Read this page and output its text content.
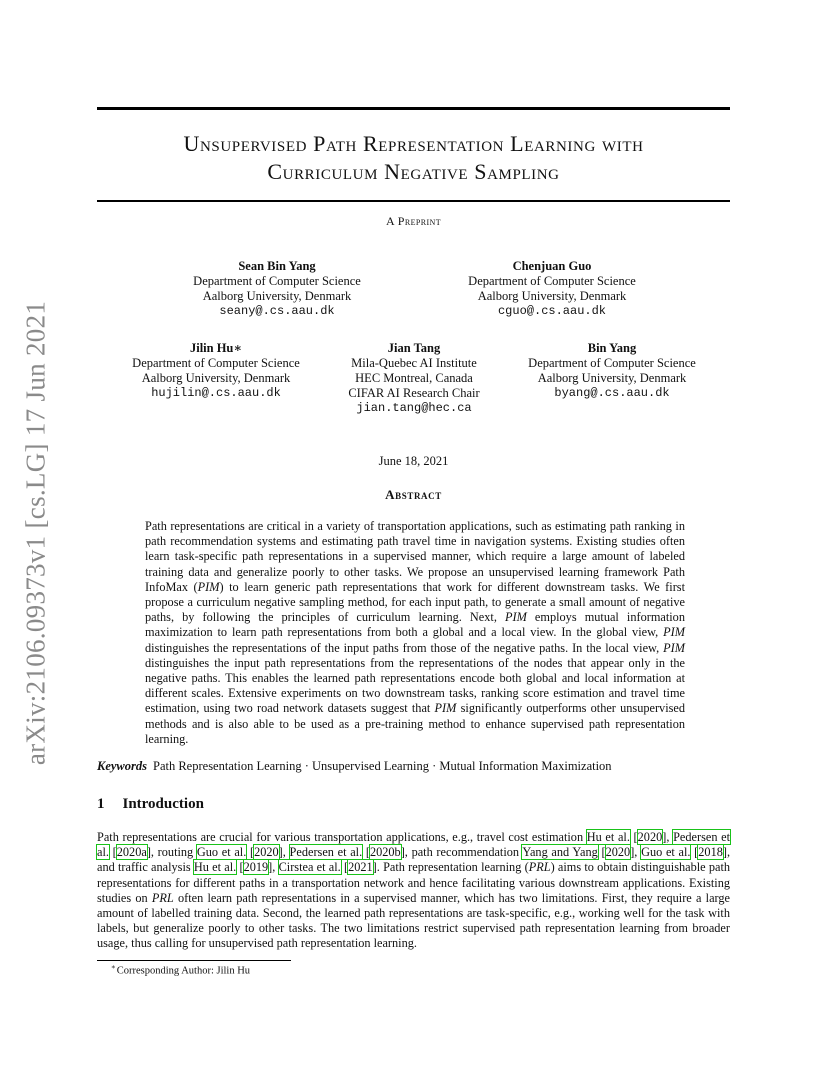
arXiv:2106.09373v1 [cs.LG] 17 Jun 2021
Unsupervised Path Representation Learning with
Curriculum Negative Sampling
A Preprint
Sean Bin Yang
Department of Computer Science
Aalborg University, Denmark
seany@.cs.aau.dk
Chenjuan Guo
Department of Computer Science
Aalborg University, Denmark
cguo@.cs.aau.dk
Jilin Hu∗
Department of Computer Science
Aalborg University, Denmark
hujilin@.cs.aau.dk
Jian Tang
Mila-Quebec AI Institute
HEC Montreal, Canada
CIFAR AI Research Chair
jian.tang@hec.ca
Bin Yang
Department of Computer Science
Aalborg University, Denmark
byang@.cs.aau.dk
June 18, 2021
Abstract
Path representations are critical in a variety of transportation applications, such as estimating path ranking in path recommendation systems and estimating path travel time in navigation systems. Existing studies often learn task-specific path representations in a supervised manner, which require a large amount of labeled training data and generalize poorly to other tasks. We propose an unsupervised learning framework Path InfoMax (PIM) to learn generic path representations that work for different downstream tasks. We first propose a curriculum negative sampling method, for each input path, to generate a small amount of negative paths, by following the principles of curriculum learning. Next, PIM employs mutual information maximization to learn path representations from both a global and a local view. In the global view, PIM distinguishes the representations of the input paths from those of the negative paths. In the local view, PIM distinguishes the input path representations from the representations of the nodes that appear only in the negative paths. This enables the learned path representations encode both global and local information at different scales. Extensive experiments on two downstream tasks, ranking score estimation and travel time estimation, using two road network datasets suggest that PIM significantly outperforms other unsupervised methods and is also able to be used as a pre-training method to enhance supervised path representation learning.
Keywords Path Representation Learning · Unsupervised Learning · Mutual Information Maximization
1 Introduction
Path representations are crucial for various transportation applications, e.g., travel cost estimation Hu et al. [2020], Pedersen et al. [2020a], routing Guo et al. [2020], Pedersen et al. [2020b], path recommendation Yang and Yang [2020], Guo et al. [2018], and traffic analysis Hu et al. [2019], Cirstea et al. [2021]. Path representation learning (PRL) aims to obtain distinguishable path representations for different paths in a transportation network and hence facilitating various downstream applications. Existing studies on PRL often learn path representations in a supervised manner, which has two limitations. First, they require a large amount of labelled training data. Second, the learned path representations are task-specific, e.g., working well for the task with labels, but generalize poorly to other tasks. The two limitations restrict supervised path representation learning from broader usage, thus calling for unsupervised path representation learning.
∗Corresponding Author: Jilin Hu
